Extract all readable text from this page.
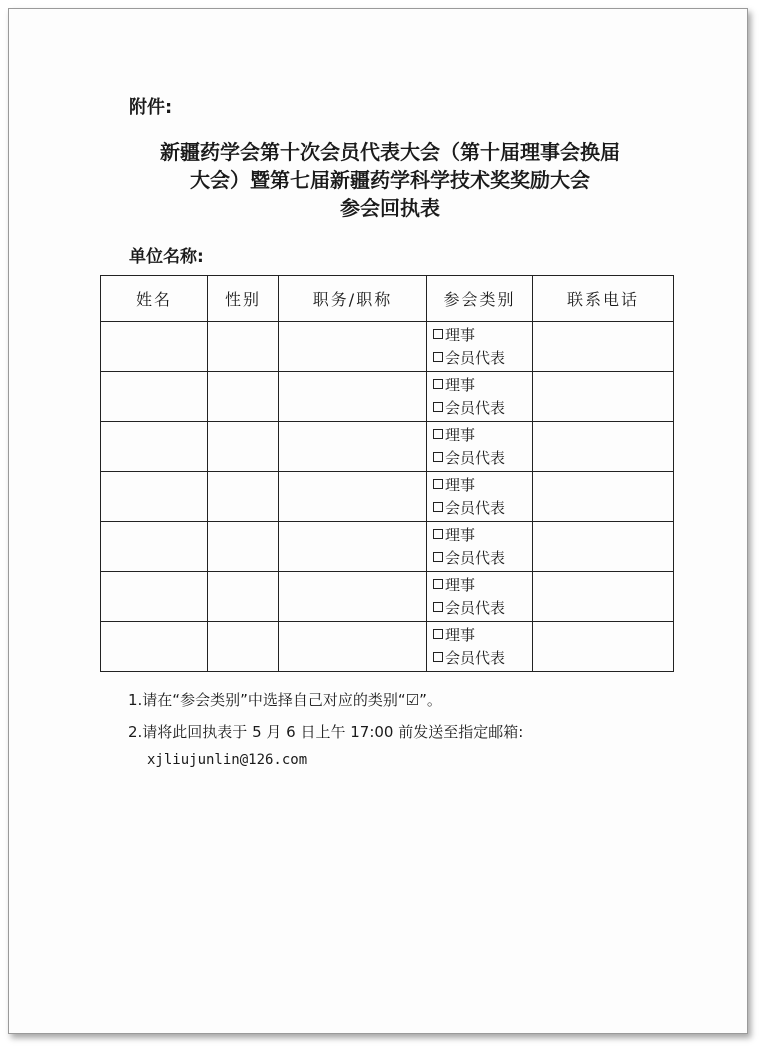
附件:
新疆药学会第十次会员代表大会（第十届理事会换届
大会）暨第七届新疆药学科学技术奖奖励大会
参会回执表
单位名称:
姓名	性别	职务/职称	参会类别	联系电话

			理事
会员代表	

			理事
会员代表	

			理事
会员代表	

			理事
会员代表	

			理事
会员代表	

			理事
会员代表	

			理事
会员代表	

1.请在“参会类别”中选择自己对应的类别“☑”。
2.请将此回执表于 5 月 6 日上午 17:00 前发送至指定邮箱:
xjliujunlin@126.com
